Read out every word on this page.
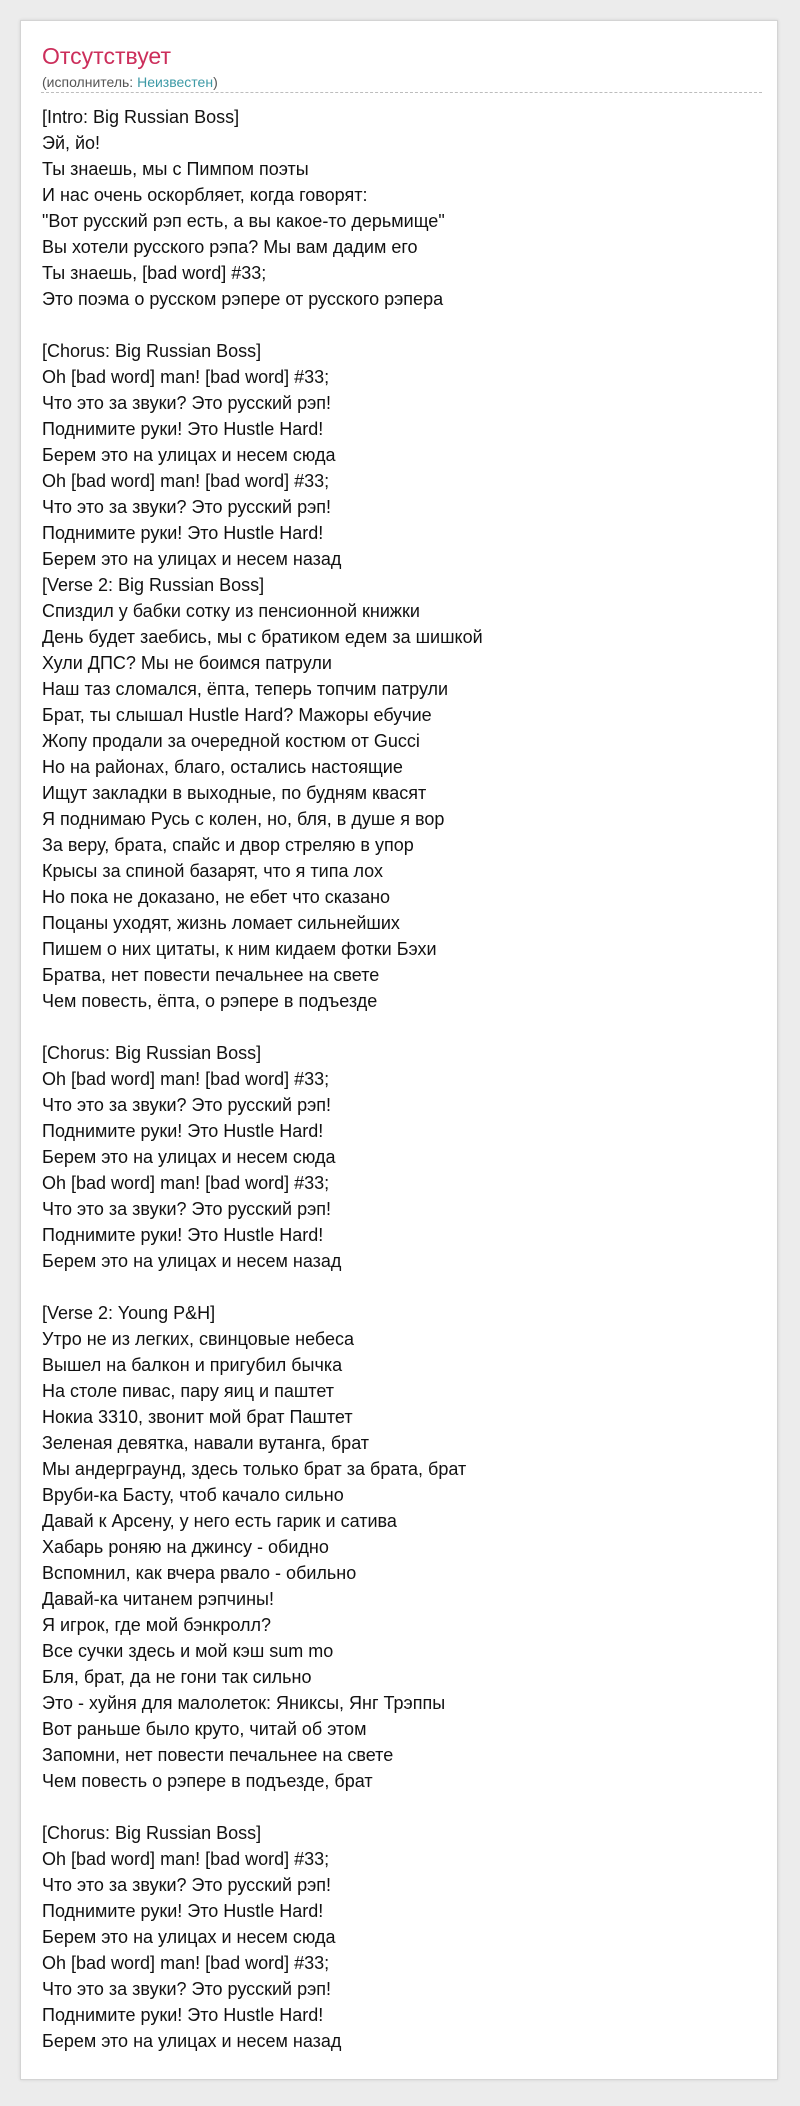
Отсутствует
(исполнитель: Неизвестен)
[Intro: Big Russian Boss]
Эй, йо!
Ты знаешь, мы с Пимпом поэты
И нас очень оскорбляет, когда говорят:
"Вот русский рэп есть, а вы какое-то дерьмище"
Вы хотели русского рэпа? Мы вам дадим его
Ты знаешь, [bad word] #33;
Это поэма о русском рэпере от русского рэпера
[Chorus: Big Russian Boss]
Oh [bad word] man! [bad word] #33;
Что это за звуки? Это русский рэп!
Поднимите руки! Это Hustle Hard!
Берем это на улицах и несем сюда
Oh [bad word] man! [bad word] #33;
Что это за звуки? Это русский рэп!
Поднимите руки! Это Hustle Hard!
Берем это на улицах и несем назад
[Verse 2: Big Russian Boss]
Спиздил у бабки сотку из пенсионной книжки
День будет заебись, мы с братиком едем за шишкой
Хули ДПС? Мы не боимся патрули
Наш таз сломался, ёпта, теперь топчим патрули
Брат, ты слышал Hustle Hard? Мажоры ебучие
Жопу продали за очередной костюм от Gucci
Но на районах, благо, остались настоящие
Ищут закладки в выходные, по будням квасят
Я поднимаю Русь с колен, но, бля, в душе я вор
За веру, брата, спайс и двор стреляю в упор
Крысы за спиной базарят, что я типа лох
Но пока не доказано, не ебет что сказано
Поцаны уходят, жизнь ломает сильнейших
Пишем о них цитаты, к ним кидаем фотки Бэхи
Братва, нет повести печальнее на свете
Чем повесть, ёпта, о рэпере в подъезде
[Chorus: Big Russian Boss]
Oh [bad word] man! [bad word] #33;
Что это за звуки? Это русский рэп!
Поднимите руки! Это Hustle Hard!
Берем это на улицах и несем сюда
Oh [bad word] man! [bad word] #33;
Что это за звуки? Это русский рэп!
Поднимите руки! Это Hustle Hard!
Берем это на улицах и несем назад
[Verse 2: Young P&H]
Утро не из легких, свинцовые небеса
Вышел на балкон и пригубил бычка
На столе пивас, пару яиц и паштет
Нокиа 3310, звонит мой брат Паштет
Зеленая девятка, навали вутанга, брат
Мы андерграунд, здесь только брат за брата, брат
Вруби-ка Басту, чтоб качало сильно
Давай к Арсену, у него есть гарик и сатива
Хабарь роняю на джинсу - обидно
Вспомнил, как вчера рвало - обильно
Давай-ка читанем рэпчины!
Я игрок, где мой бэнкролл?
Все сучки здесь и мой кэш sum mo
Бля, брат, да не гони так сильно
Это - хуйня для малолеток: Яниксы, Янг Трэппы
Вот раньше было круто, читай об этом
Запомни, нет повести печальнее на свете
Чем повесть о рэпере в подъезде, брат
[Chorus: Big Russian Boss]
Oh [bad word] man! [bad word] #33;
Что это за звуки? Это русский рэп!
Поднимите руки! Это Hustle Hard!
Берем это на улицах и несем сюда
Oh [bad word] man! [bad word] #33;
Что это за звуки? Это русский рэп!
Поднимите руки! Это Hustle Hard!
Берем это на улицах и несем назад
